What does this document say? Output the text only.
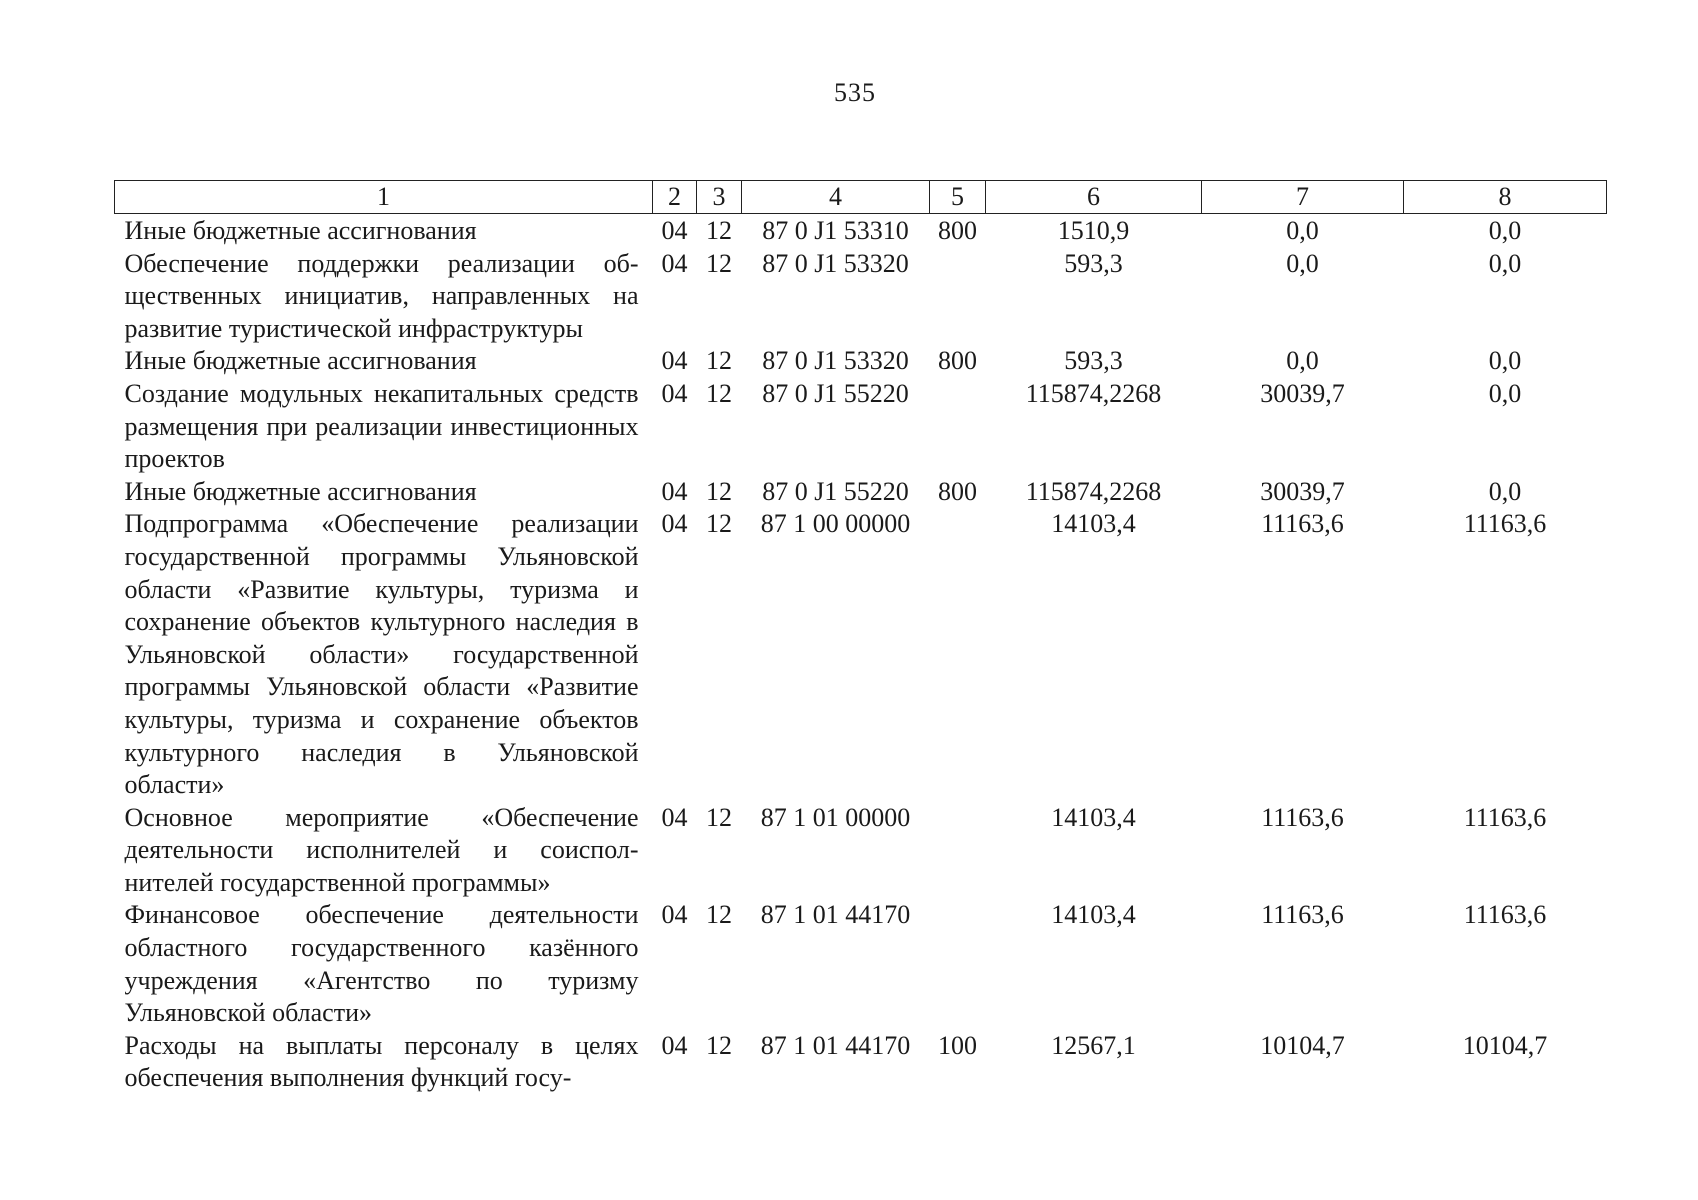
535
1	2	3	4	5	6	7	8
Иные бюджетные ассигнования	04	12	87 0 J1 53310	800	1510,9	0,0	0,0
Обеспечение поддержки реализации общественных инициатив, направленных на развитие туристической инфраструктуры	04	12	87 0 J1 53320		593,3	0,0	0,0
Иные бюджетные ассигнования	04	12	87 0 J1 53320	800	593,3	0,0	0,0
Создание модульных некапитальных средств размещения при реализации инвестиционных проектов	04	12	87 0 J1 55220		115874,2268	30039,7	0,0
Иные бюджетные ассигнования	04	12	87 0 J1 55220	800	115874,2268	30039,7	0,0
Подпрограмма «Обеспечение реализации государственной программы Ульяновской области «Развитие культуры, туризма и сохранение объектов культурного наследия в Ульяновской области» государственной программы Ульяновской области «Развитие культуры, туризма и сохранение объектов культурного наследия в Ульяновской области»	04	12	87 1 00 00000		14103,4	11163,6	11163,6
Основное мероприятие «Обеспечение деятельности исполнителей и соисполнителей государственной программы»	04	12	87 1 01 00000		14103,4	11163,6	11163,6
Финансовое обеспечение деятельности областного государственного казённого учреждения «Агентство по туризму Ульяновской области»	04	12	87 1 01 44170		14103,4	11163,6	11163,6
Расходы на выплаты персоналу в целях обеспечения выполнения функций госу-	04	12	87 1 01 44170	100	12567,1	10104,7	10104,7
